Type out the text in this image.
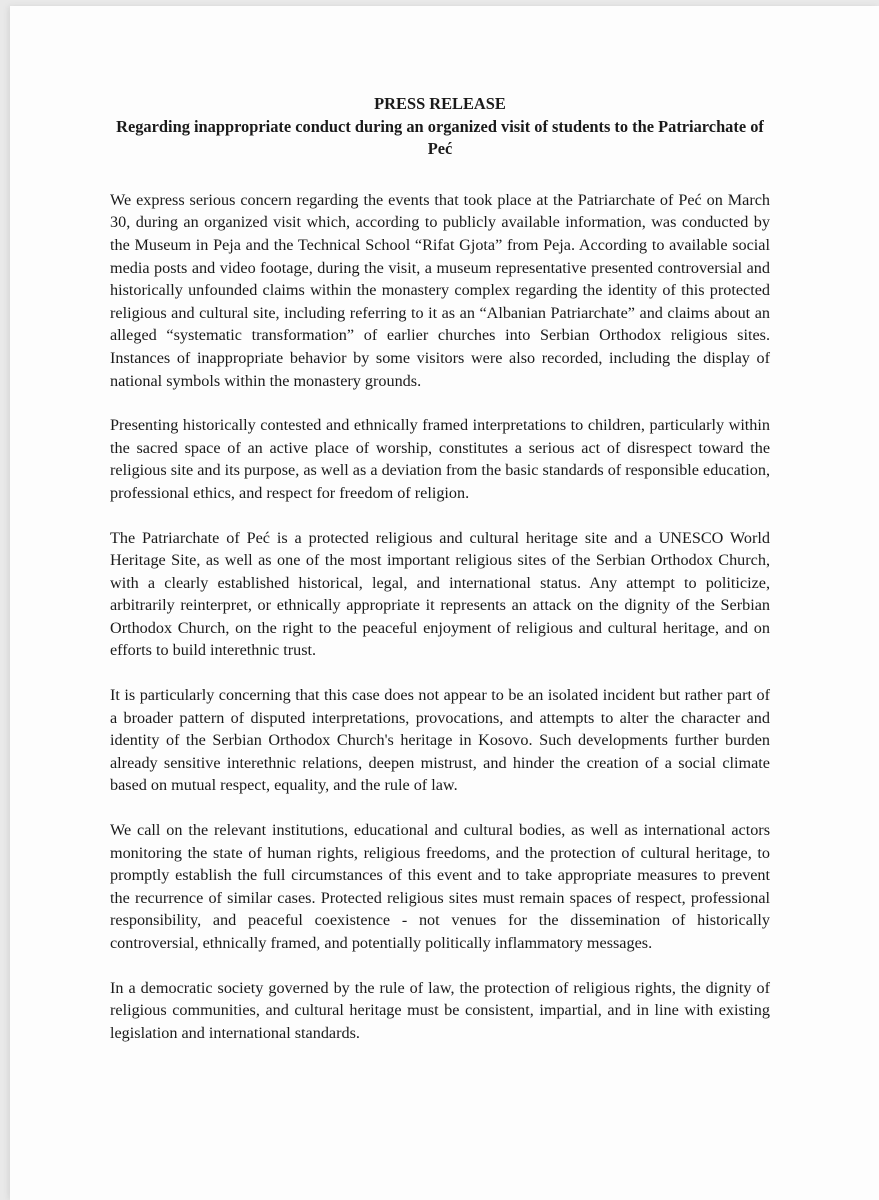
PRESS RELEASE
Regarding inappropriate conduct during an organized visit of students to the Patriarchate of Peć

We express serious concern regarding the events that took place at the Patriarchate of Peć on March 30, during an organized visit which, according to publicly available information, was conducted by the Museum in Peja and the Technical School “Rifat Gjota” from Peja. According to available social media posts and video footage, during the visit, a museum representative presented controversial and historically unfounded claims within the monastery complex regarding the identity of this protected religious and cultural site, including referring to it as an “Albanian Patriarchate” and claims about an alleged “systematic transformation” of earlier churches into Serbian Orthodox religious sites. Instances of inappropriate behavior by some visitors were also recorded, including the display of national symbols within the monastery grounds.

Presenting historically contested and ethnically framed interpretations to children, particularly within the sacred space of an active place of worship, constitutes a serious act of disrespect toward the religious site and its purpose, as well as a deviation from the basic standards of responsible education, professional ethics, and respect for freedom of religion.

The Patriarchate of Peć is a protected religious and cultural heritage site and a UNESCO World Heritage Site, as well as one of the most important religious sites of the Serbian Orthodox Church, with a clearly established historical, legal, and international status. Any attempt to politicize, arbitrarily reinterpret, or ethnically appropriate it represents an attack on the dignity of the Serbian Orthodox Church, on the right to the peaceful enjoyment of religious and cultural heritage, and on efforts to build interethnic trust.

It is particularly concerning that this case does not appear to be an isolated incident but rather part of a broader pattern of disputed interpretations, provocations, and attempts to alter the character and identity of the Serbian Orthodox Church's heritage in Kosovo. Such developments further burden already sensitive interethnic relations, deepen mistrust, and hinder the creation of a social climate based on mutual respect, equality, and the rule of law.

We call on the relevant institutions, educational and cultural bodies, as well as international actors monitoring the state of human rights, religious freedoms, and the protection of cultural heritage, to promptly establish the full circumstances of this event and to take appropriate measures to prevent the recurrence of similar cases. Protected religious sites must remain spaces of respect, professional responsibility, and peaceful coexistence - not venues for the dissemination of historically controversial, ethnically framed, and potentially politically inflammatory messages.

In a democratic society governed by the rule of law, the protection of religious rights, the dignity of religious communities, and cultural heritage must be consistent, impartial, and in line with existing legislation and international standards.
